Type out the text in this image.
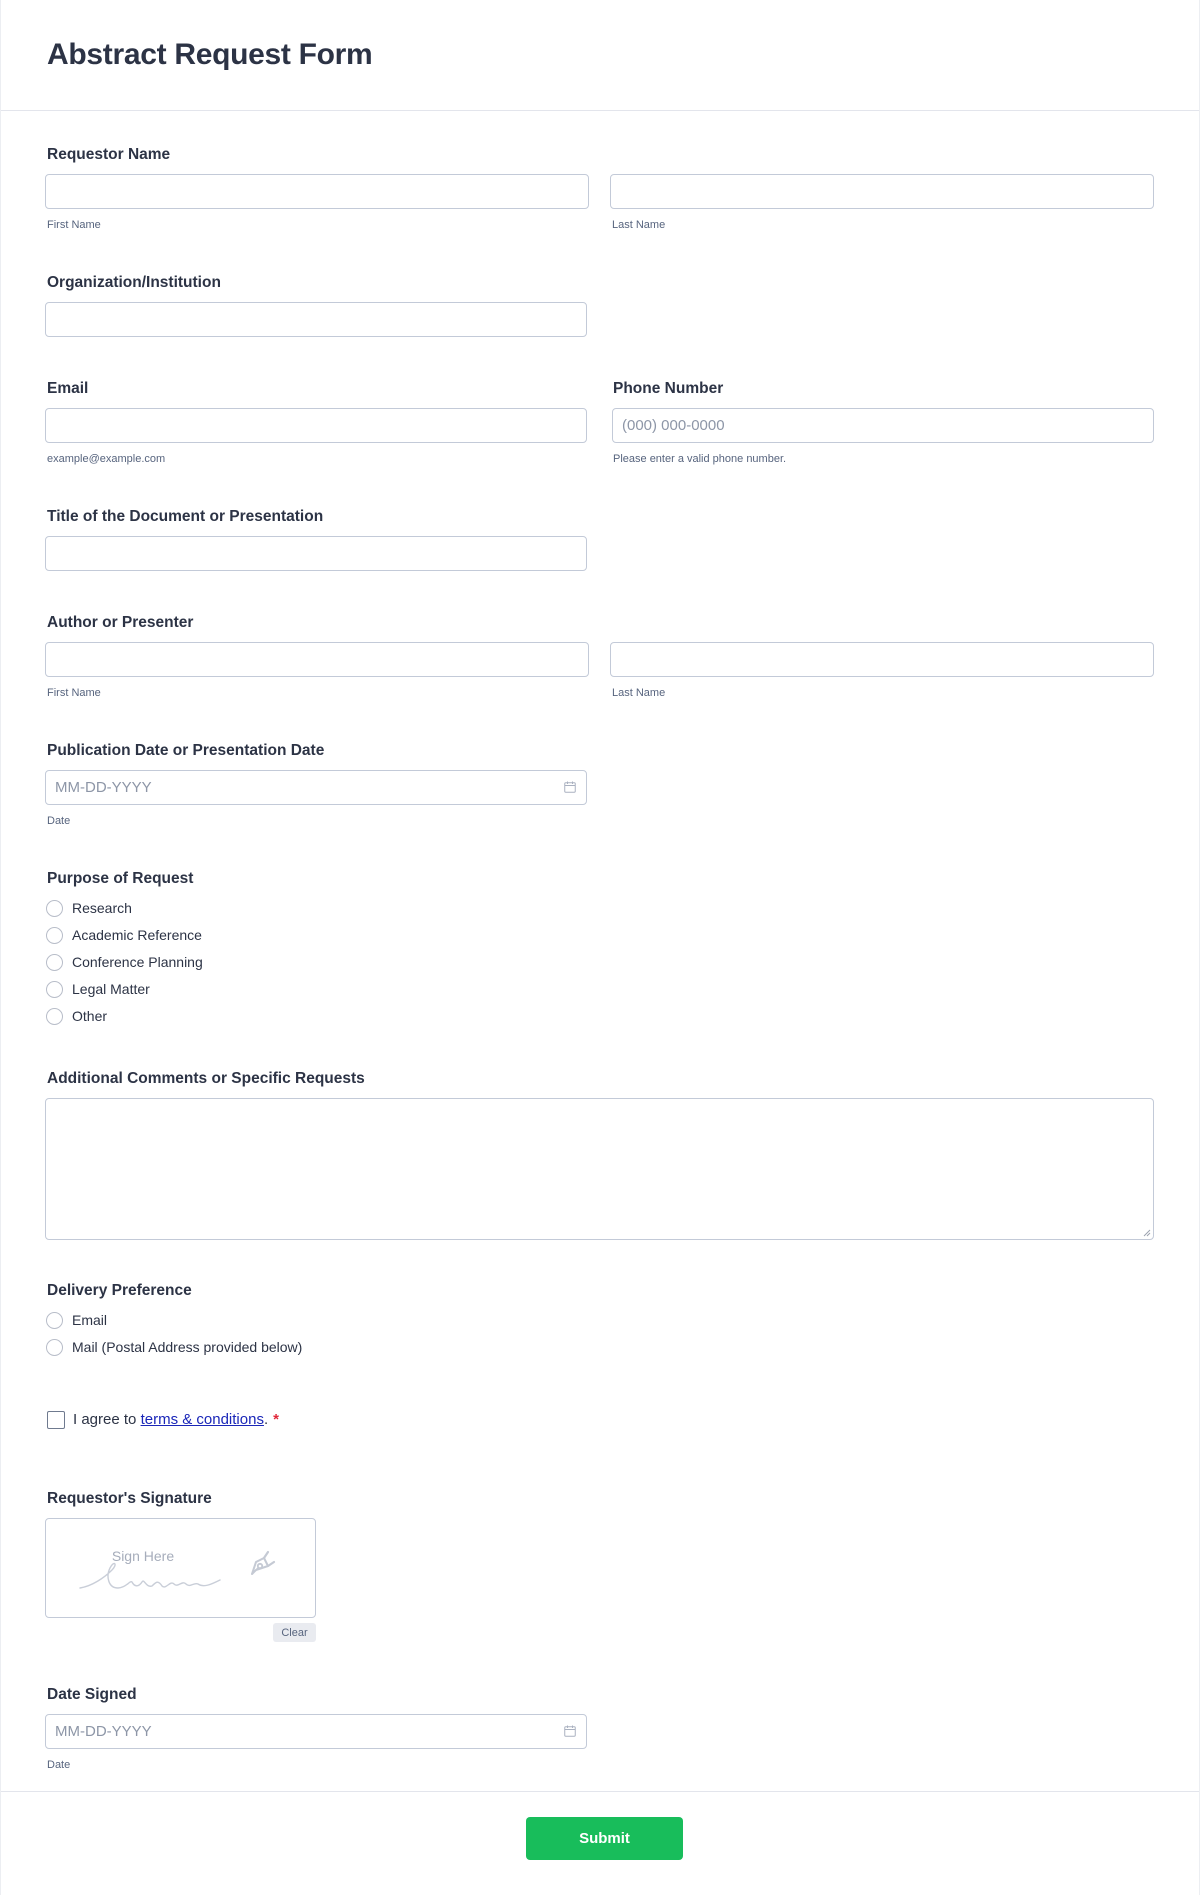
Abstract Request Form
Requestor Name
First Name	Last Name
Organization/Institution
Email	Phone Number
(000) 000-0000
example@example.com	Please enter a valid phone number.
Title of the Document or Presentation
Author or Presenter
First Name	Last Name
Publication Date or Presentation Date
MM-DD-YYYY
Date
Purpose of Request
Research
Academic Reference
Conference Planning
Legal Matter
Other
Additional Comments or Specific Requests
Delivery Preference
Email
Mail (Postal Address provided below)
I agree to terms & conditions. *
Requestor's Signature
Sign Here
Clear
Date Signed
MM-DD-YYYY
Date
Submit
